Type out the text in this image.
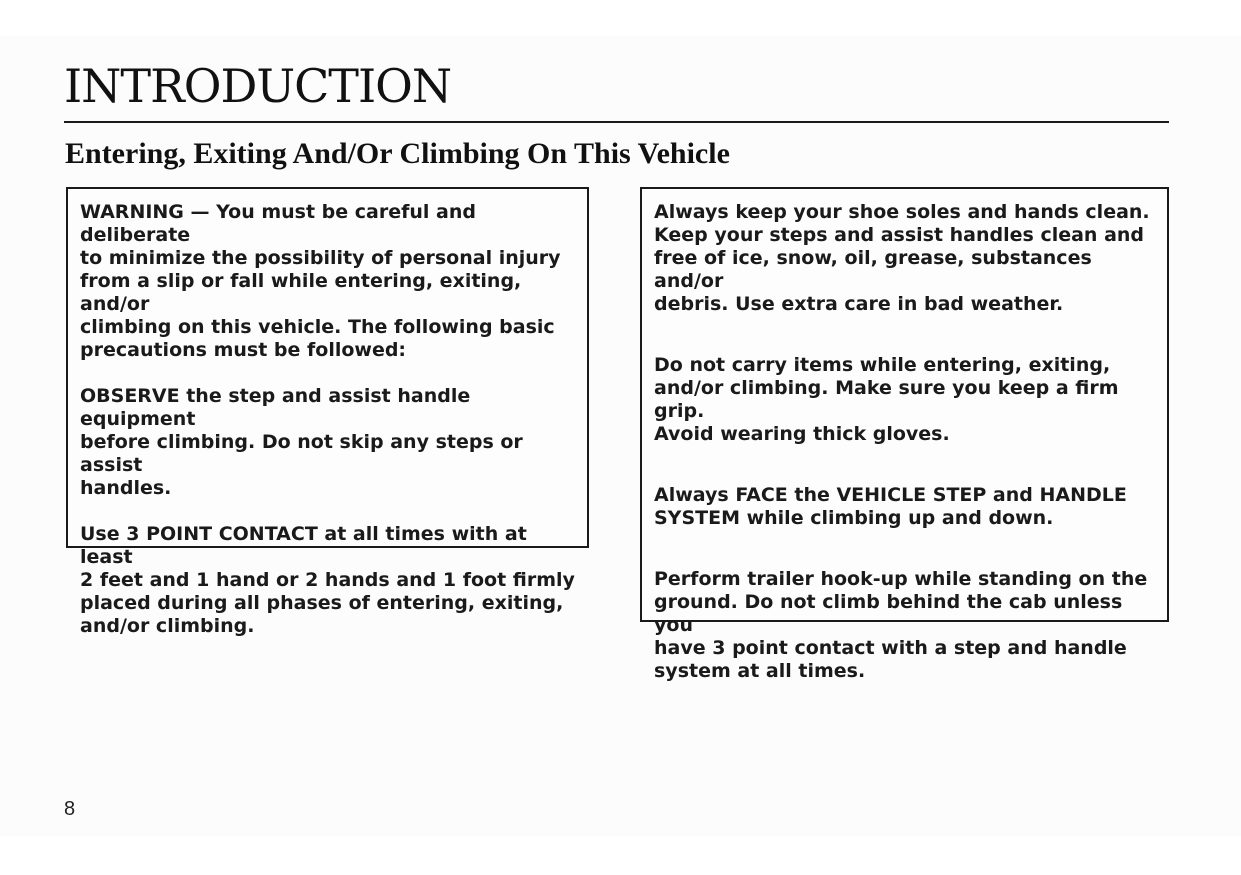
INTRODUCTION
Entering, Exiting And/Or Climbing On This Vehicle

WARNING — You must be careful and deliberate
to minimize the possibility of personal injury
from a slip or fall while entering, exiting, and/or
climbing on this vehicle. The following basic
precautions must be followed:

OBSERVE the step and assist handle equipment
before climbing. Do not skip any steps or assist
handles.

Use 3 POINT CONTACT at all times with at least
2 feet and 1 hand or 2 hands and 1 foot firmly
placed during all phases of entering, exiting,
and/or climbing.

Always keep your shoe soles and hands clean.
Keep your steps and assist handles clean and
free of ice, snow, oil, grease, substances and/or
debris. Use extra care in bad weather.

Do not carry items while entering, exiting,
and/or climbing. Make sure you keep a firm grip.
Avoid wearing thick gloves.

Always FACE the VEHICLE STEP and HANDLE
SYSTEM while climbing up and down.

Perform trailer hook-up while standing on the
ground. Do not climb behind the cab unless you
have 3 point contact with a step and handle
system at all times.

8
